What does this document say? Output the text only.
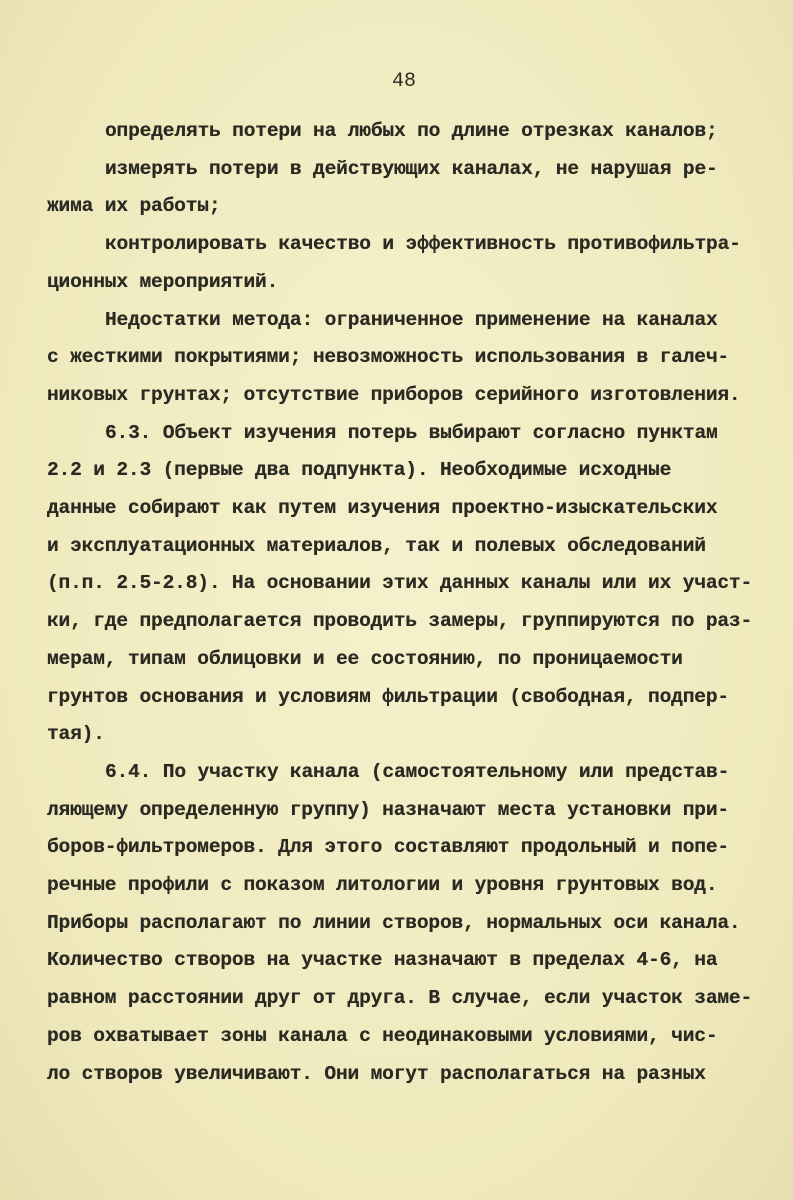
48
определять потери на любых по длине отрезках каналов;
измерять потери в действующих каналах, не нарушая ре-
жима их работы;
контролировать качество и эффективность противофильтра-
ционных мероприятий.
Недостатки метода: ограниченное применение на каналах
с жесткими покрытиями; невозможность использования в галеч-
никовых грунтах; отсутствие приборов серийного изготовления.
6.3. Объект изучения потерь выбирают согласно пунктам
2.2 и 2.3 (первые два подпункта). Необходимые исходные
данные собирают как путем изучения проектно-изыскательских
и эксплуатационных материалов, так и полевых обследований
(п.п. 2.5-2.8). На основании этих данных каналы или их участ-
ки, где предполагается проводить замеры, группируются по раз-
мерам, типам облицовки и ее состоянию, по проницаемости
грунтов основания и условиям фильтрации (свободная, подпер-
тая).
6.4. По участку канала (самостоятельному или представ-
ляющему определенную группу) назначают места установки при-
боров-фильтромеров. Для этого составляют продольный и попе-
речные профили с показом литологии и уровня грунтовых вод.
Приборы располагают по линии створов, нормальных оси канала.
Количество створов на участке назначают в пределах 4-6, на
равном расстоянии друг от друга. В случае, если участок заме-
ров охватывает зоны канала с неодинаковыми условиями, чис-
ло створов увеличивают. Они могут располагаться на разных
